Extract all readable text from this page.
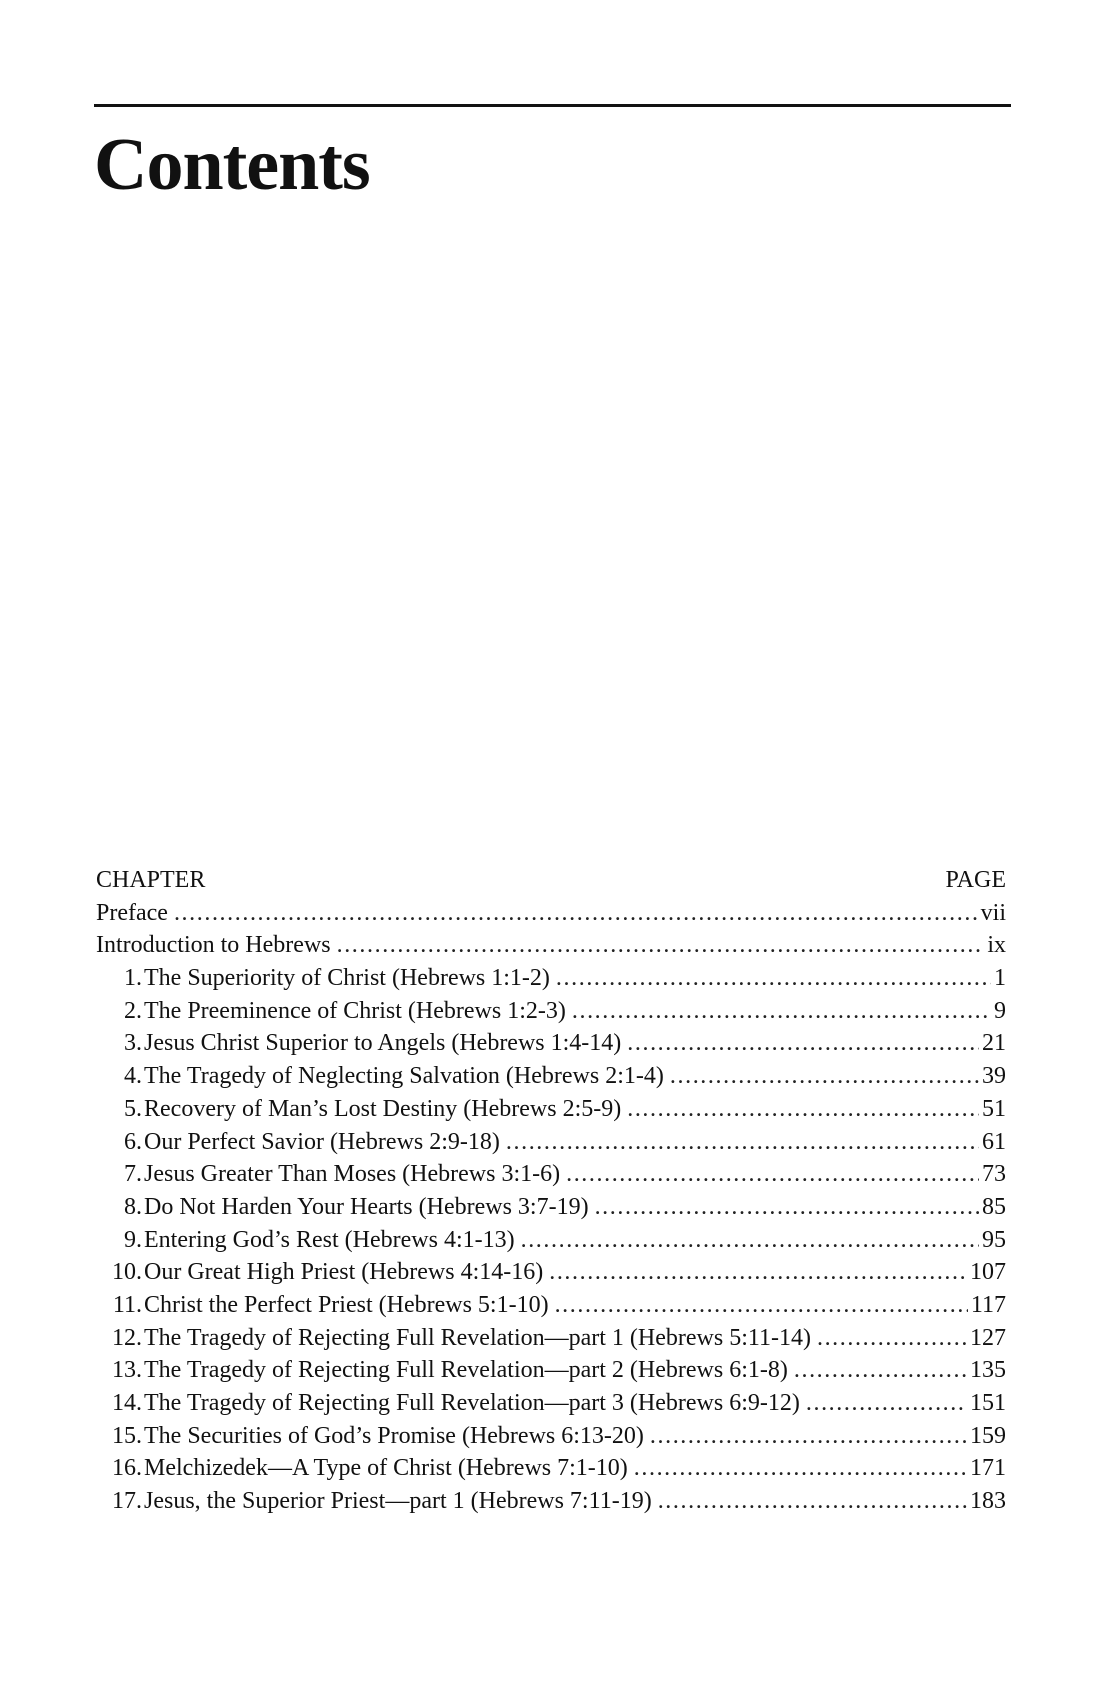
Contents
CHAPTER	PAGE
Preface . . .	vii
Introduction to Hebrews . . .	ix
1. The Superiority of Christ (Hebrews 1:1-2) . . .	1
2. The Preeminence of Christ (Hebrews 1:2-3) . . .	9
3. Jesus Christ Superior to Angels (Hebrews 1:4-14) . . .	21
4. The Tragedy of Neglecting Salvation (Hebrews 2:1-4) . . .	39
5. Recovery of Man’s Lost Destiny (Hebrews 2:5-9) . . .	51
6. Our Perfect Savior (Hebrews 2:9-18) . . .	61
7. Jesus Greater Than Moses (Hebrews 3:1-6) . . .	73
8. Do Not Harden Your Hearts (Hebrews 3:7-19) . . .	85
9. Entering God’s Rest (Hebrews 4:1-13) . . .	95
10. Our Great High Priest (Hebrews 4:14-16) . . .	107
11. Christ the Perfect Priest (Hebrews 5:1-10) . . .	117
12. The Tragedy of Rejecting Full Revelation—part 1 (Hebrews 5:11-14) . . .	127
13. The Tragedy of Rejecting Full Revelation—part 2 (Hebrews 6:1-8) . . .	135
14. The Tragedy of Rejecting Full Revelation—part 3 (Hebrews 6:9-12) . . .	151
15. The Securities of God’s Promise (Hebrews 6:13-20) . . .	159
16. Melchizedek—A Type of Christ (Hebrews 7:1-10) . . .	171
17. Jesus, the Superior Priest—part 1 (Hebrews 7:11-19) . . .	183
